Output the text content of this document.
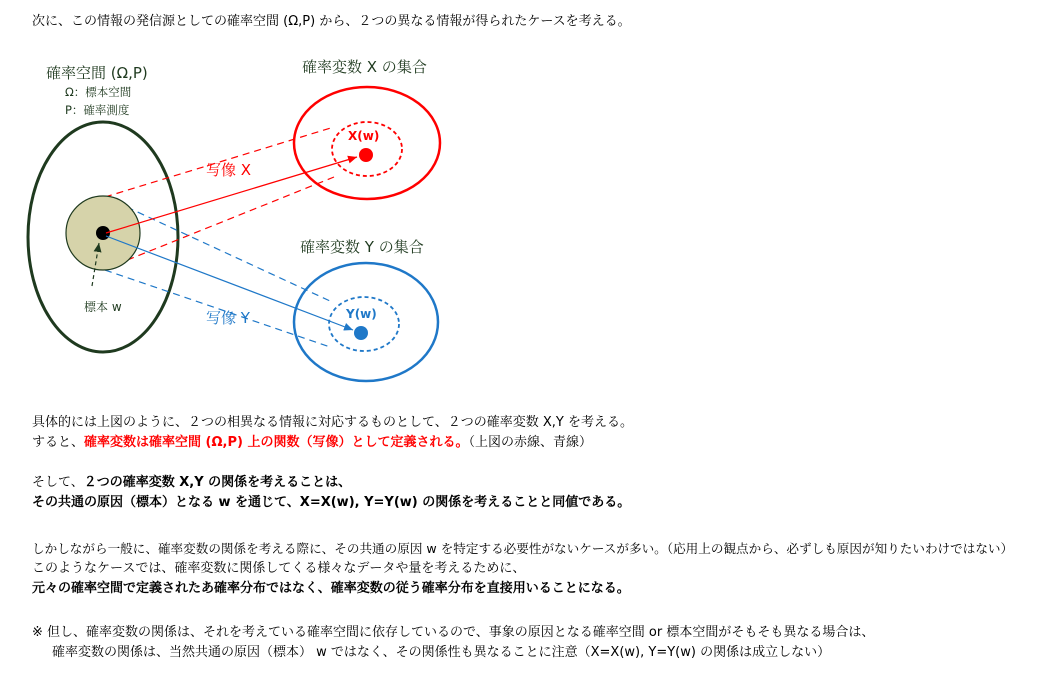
次に、この情報の発信源としての確率空間 (Ω,P) から、２つの異なる情報が得られたケースを考える。
確率空間 (Ω,P)
Ω：標本空間
P：確率測度
標本 w
確率変数 X の集合
確率変数 Y の集合
写像 X
写像 Y
X(w)
Y(w)
具体的には上図のように、２つの相異なる情報に対応するものとして、２つの確率変数 X,Y を考える。
すると、確率変数は確率空間 (Ω,P) 上の関数（写像）として定義される。（上図の赤線、青線）
そして、２つの確率変数 X,Y の関係を考えることは、
その共通の原因（標本）となる w を通じて、X=X(w), Y=Y(w) の関係を考えることと同値である。
しかしながら一般に、確率変数の関係を考える際に、その共通の原因 w を特定する必要性がないケースが多い。（応用上の観点から、必ずしも原因が知りたいわけではない）
このようなケースでは、確率変数に関係してくる様々なデータや量を考えるために、
元々の確率空間で定義されたあ確率分布ではなく、確率変数の従う確率分布を直接用いることになる。
※ 但し、確率変数の関係は、それを考えている確率空間に依存しているので、事象の原因となる確率空間 or 標本空間がそもそも異なる場合は、
確率変数の関係は、当然共通の原因（標本） w ではなく、その関係性も異なることに注意（X=X(w), Y=Y(w) の関係は成立しない）
